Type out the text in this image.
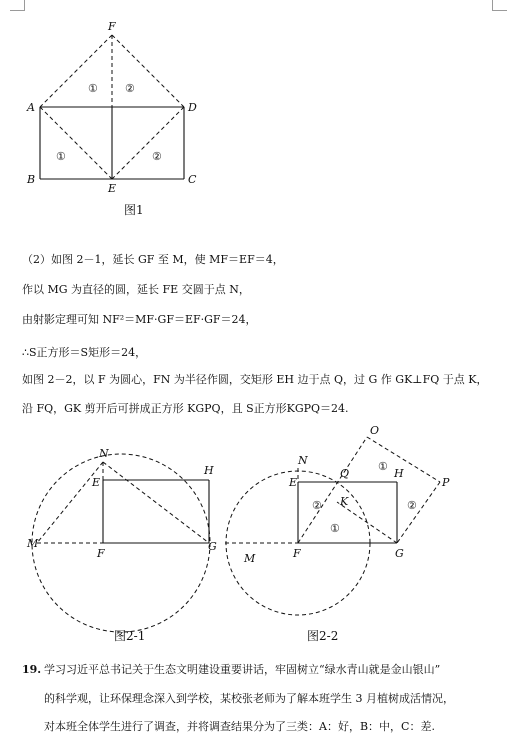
F
A	D
B
E
C
① ②
①	②
图1
（2）如图 2－1，延长 GF 至 M，使 MF＝EF＝4，
作以 MG 为直径的圆，延长 FE 交圆于点 N，
由射影定理可知 NF²＝MF·GF＝EF·GF＝24，
∴S正方形＝S矩形＝24，
如图 2－2，以 F 为圆心，FN 为半径作圆，交矩形 EH 边于点 Q，过 G 作 GK⊥FQ 于点 K，
沿 FQ，GK 剪开后可拼成正方形 KGPQ，且 S正方形KGPQ＝24.
N
H
E
M
F
G
图2-1
O
N
Q	H
E
K
P
M	F	G
①
②	②
①
图2-2
19. 学习习近平总书记关于生态文明建设重要讲话，牢固树立“绿水青山就是金山银山”
的科学观，让环保理念深入到学校，某校张老师为了解本班学生 3 月植树成活情况，
对本班全体学生进行了调查，并将调查结果分为了三类：A：好，B：中，C：差.
